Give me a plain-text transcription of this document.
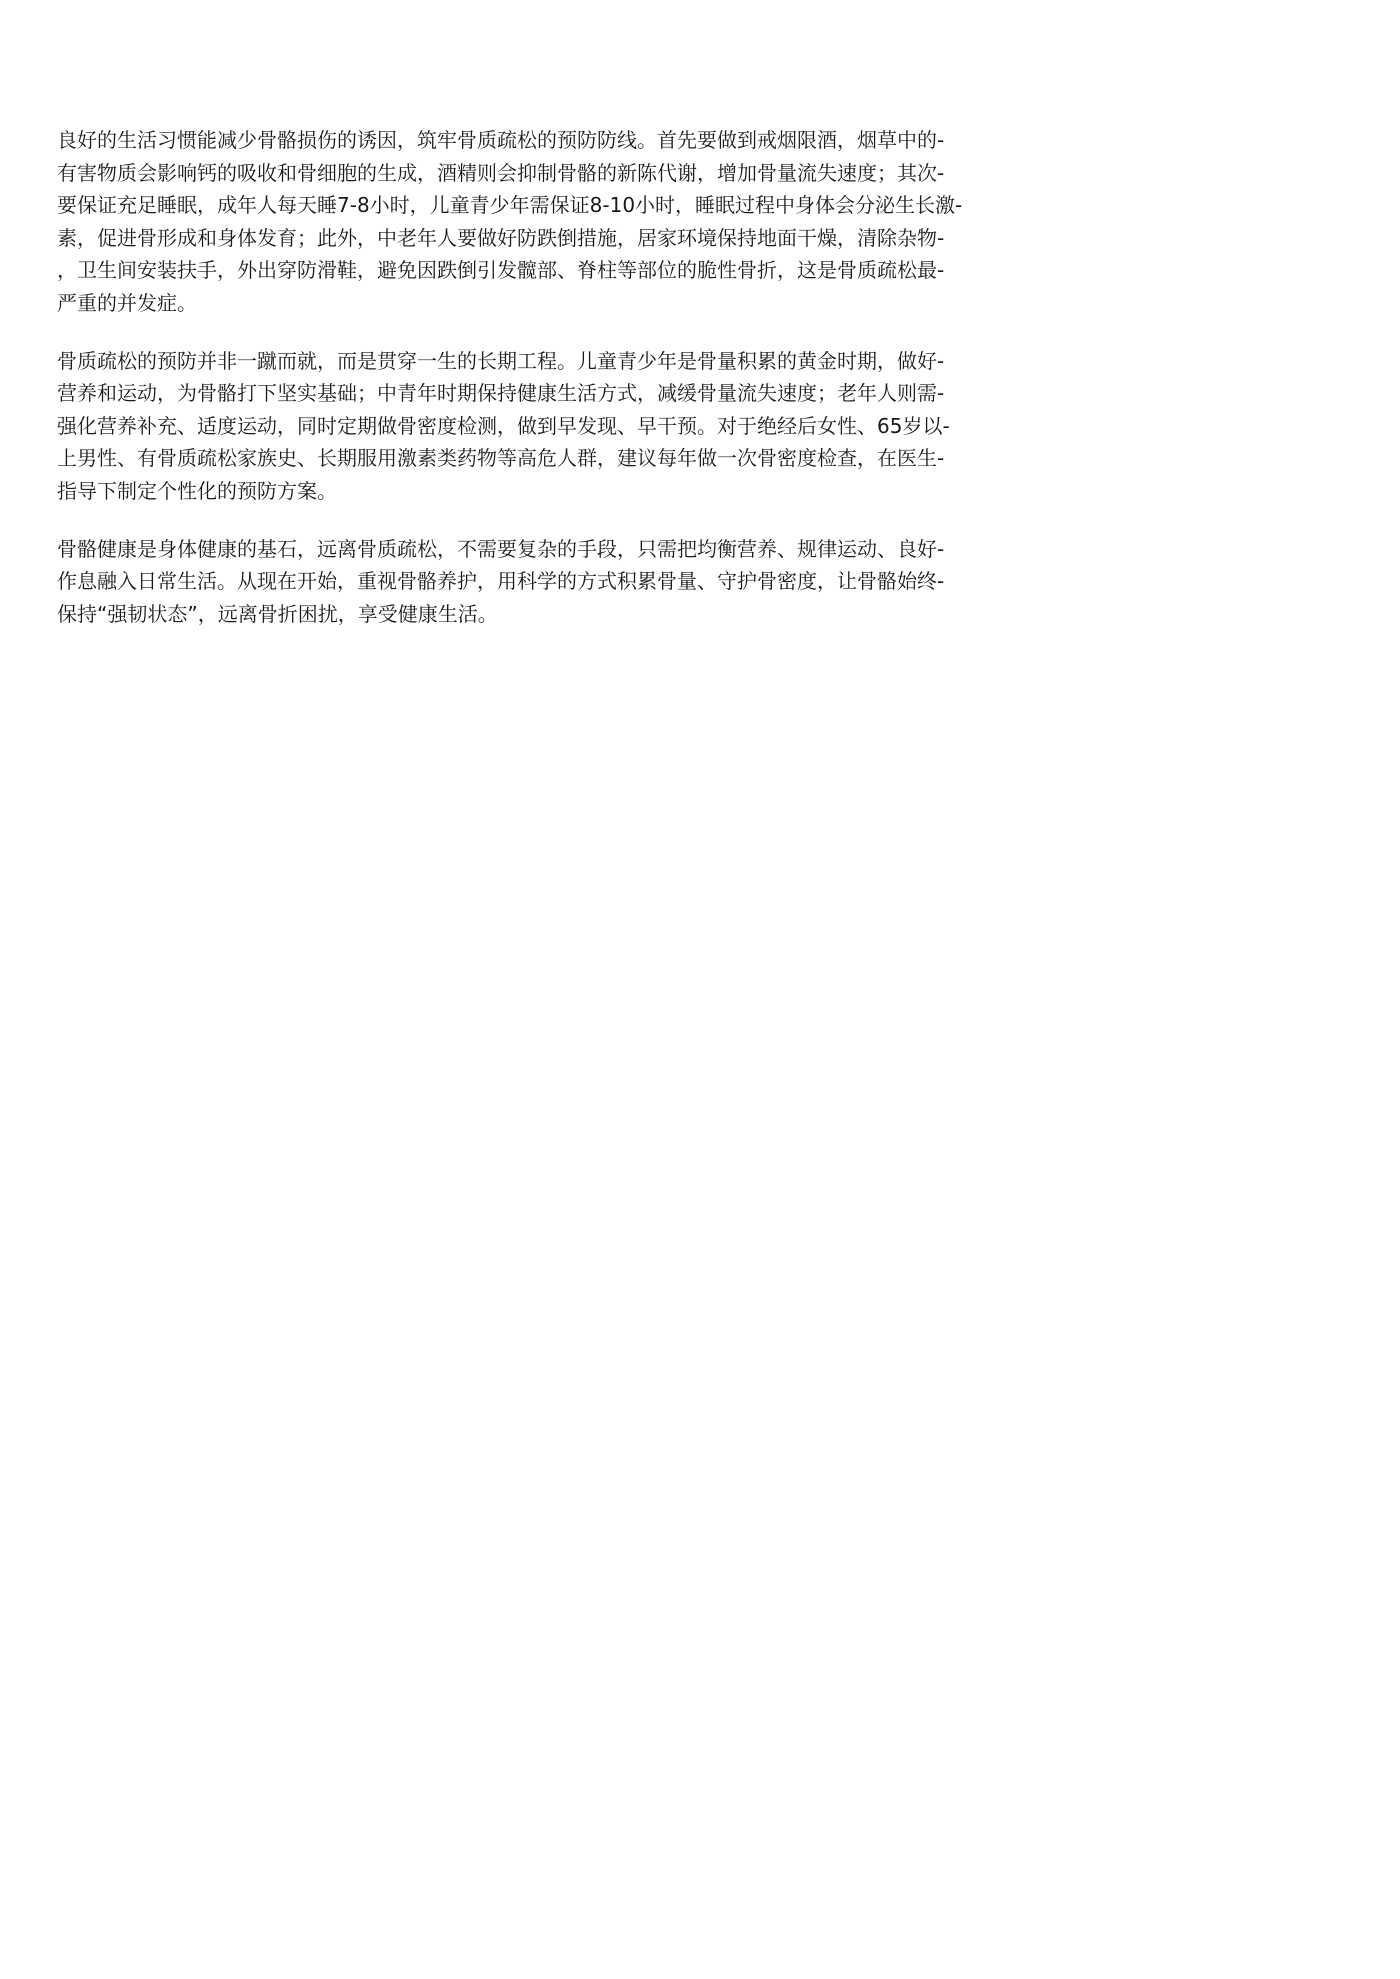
良好的生活习惯能减少骨骼损伤的诱因，筑牢骨质疏松的预防防线。首先要做到戒烟限酒，烟草中的-
有害物质会影响钙的吸收和骨细胞的生成，酒精则会抑制骨骼的新陈代谢，增加骨量流失速度；其次-
要保证充足睡眠，成年人每天睡7-8小时，儿童青少年需保证8-10小时，睡眠过程中身体会分泌生长激-
素，促进骨形成和身体发育；此外，中老年人要做好防跌倒措施，居家环境保持地面干燥，清除杂物-
，卫生间安装扶手，外出穿防滑鞋，避免因跌倒引发髋部、脊柱等部位的脆性骨折，这是骨质疏松最-
严重的并发症。

骨质疏松的预防并非一蹴而就，而是贯穿一生的长期工程。儿童青少年是骨量积累的黄金时期，做好-
营养和运动，为骨骼打下坚实基础；中青年时期保持健康生活方式，减缓骨量流失速度；老年人则需-
强化营养补充、适度运动，同时定期做骨密度检测，做到早发现、早干预。对于绝经后女性、65岁以-
上男性、有骨质疏松家族史、长期服用激素类药物等高危人群，建议每年做一次骨密度检查，在医生-
指导下制定个性化的预防方案。

骨骼健康是身体健康的基石，远离骨质疏松，不需要复杂的手段，只需把均衡营养、规律运动、良好-
作息融入日常生活。从现在开始，重视骨骼养护，用科学的方式积累骨量、守护骨密度，让骨骼始终-
保持“强韧状态”，远离骨折困扰，享受健康生活。
